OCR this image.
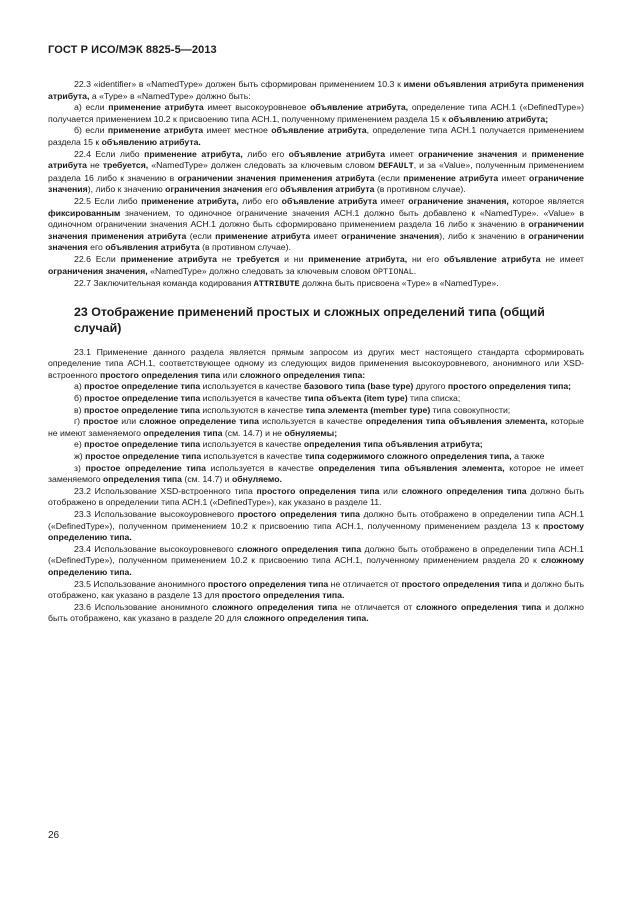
ГОСТ Р ИСО/МЭК 8825-5—2013

22.3 «identifier» в «NamedType» должен быть сформирован применением 10.3 к имени объявления атрибута применения атрибута, а «Type» в «NamedType» должно быть:

а) если применение атрибута имеет высокоуровневое объявление атрибута, определение типа АСН.1 («DefinedType») получается применением 10.2 к присвоению типа АСН.1, полученному применением раздела 15 к объявлению атрибута;

б) если применение атрибута имеет местное объявление атрибута, определение типа АСН.1 получается применением раздела 15 к объявлению атрибута.

22.4 Если либо применение атрибута, либо его объявление атрибута имеет ограничение значения и применение атрибута не требуется, «NamedType» должен следовать за ключевым словом DEFAULT, и за «Value», полученным применением раздела 16 либо к значению в ограничении значения применения атрибута (если применение атрибута имеет ограничение значения), либо к значению ограничения значения его объявления атрибута (в противном случае).

22.5 Если либо применение атрибута, либо его объявление атрибута имеет ограничение значения, которое является фиксированным значением, то одиночное ограничение значения АСН.1 должно быть добавлено к «NamedType». «Value» в одиночном ограничении значения АСН.1 должно быть сформировано применением раздела 16 либо к значению в ограничении значения применения атрибута (если применение атрибута имеет ограничение значения), либо к значению в ограничении значения его объявления атрибута (в противном случае).

22.6 Если применение атрибута не требуется и ни применение атрибута, ни его объявление атрибута не имеет ограничения значения, «NamedType» должно следовать за ключевым словом OPTIONAL.

22.7 Заключительная команда кодирования ATTRIBUTE должна быть присвоена «Type» в «NamedType».

23 Отображение применений простых и сложных определений типа (общий случай)

23.1 Применение данного раздела является прямым запросом из других мест настоящего стандарта сформировать определение типа АСН.1, соответствующее одному из следующих видов применения высокоуровневого, анонимного или XSD-встроенного простого определения типа или сложного определения типа:

а) простое определение типа используется в качестве базового типа (base type) другого простого определения типа;

б) простое определение типа используется в качестве типа объекта (item type) типа списка;

в) простое определение типа используются в качестве типа элемента (member type) типа совокупности;

г) простое или сложное определение типа используется в качестве определения типа объявления элемента, которые не имеют заменяемого определения типа (см. 14.7) и не обнуляемы;

е) простое определение типа используется в качестве определения типа объявления атрибута;

ж) простое определение типа используется в качестве типа содержимого сложного определения типа, а также

з) простое определение типа используется в качестве определения типа объявления элемента, которое не имеет заменяемого определения типа (см. 14.7) и обнуляемо.

23.2 Использование XSD-встроенного типа простого определения типа или сложного определения типа должно быть отображено в определении типа АСН.1 («DefinedType»), как указано в разделе 11.

23.3 Использование высокоуровневого простого определения типа должно быть отображено в определении типа АСН.1 («DefinedType»), полученном применением 10.2 к присвоению типа АСН.1, полученному применением раздела 13 к простому определению типа.

23.4 Использование высокоуровневого сложного определения типа должно быть отображено в определении типа АСН.1 («DefinedType»), полученном применением 10.2 к присвоению типа АСН.1, полученному применением раздела 20 к сложному определению типа.

23.5 Использование анонимного простого определения типа не отличается от простого определения типа и должно быть отображено, как указано в разделе 13 для простого определения типа.

23.6 Использование анонимного сложного определения типа не отличается от сложного определения типа и должно быть отображено, как указано в разделе 20 для сложного определения типа.

26
